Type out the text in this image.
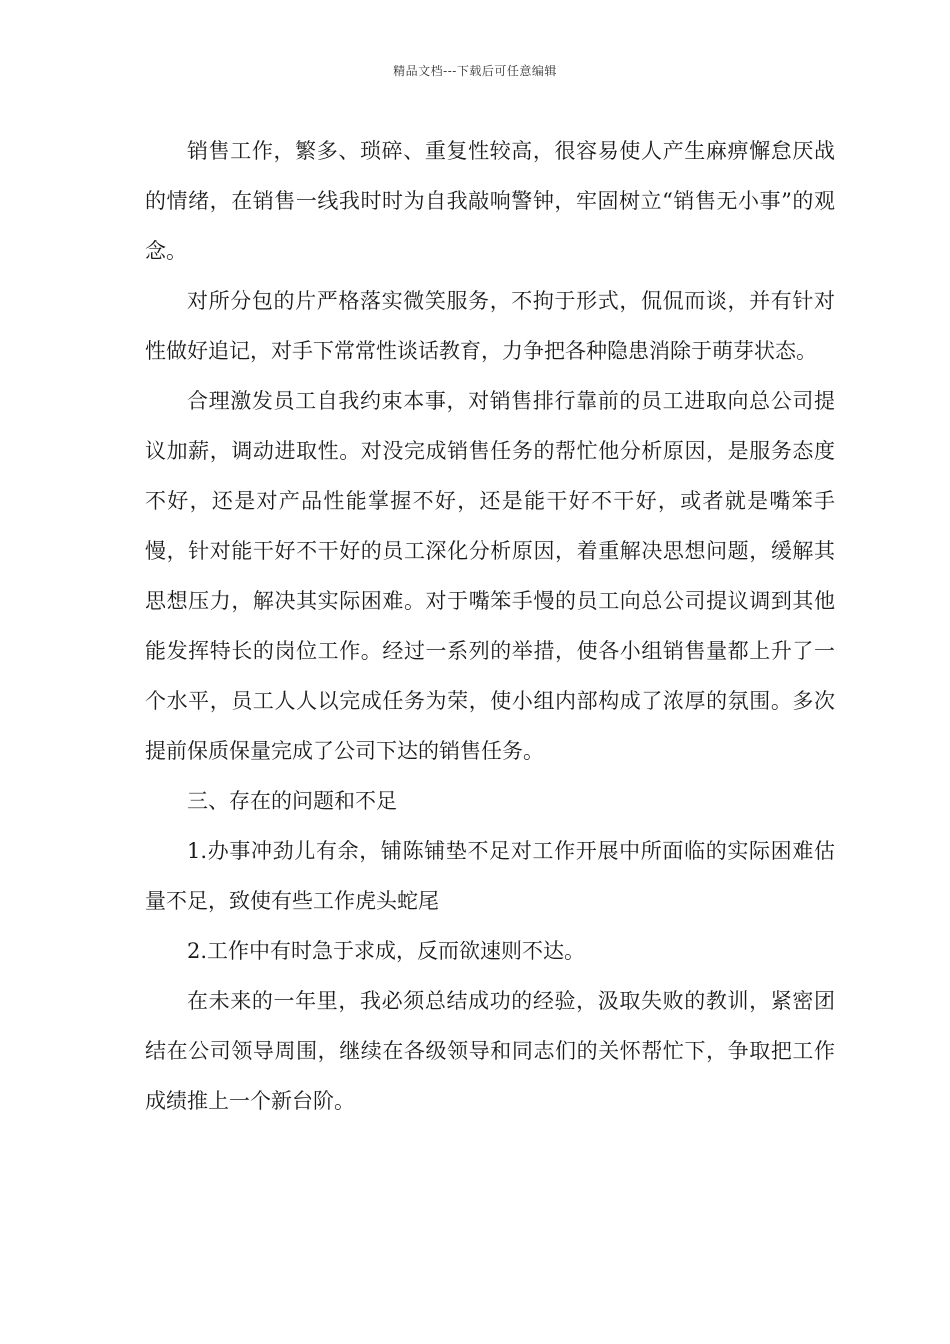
精品文档---下载后可任意编辑

销售工作，繁多、琐碎、重复性较高，很容易使人产生麻痹懈怠厌战的情绪，在销售一线我时时为自我敲响警钟，牢固树立“销售无小事”的观念。

对所分包的片严格落实微笑服务，不拘于形式，侃侃而谈，并有针对性做好追记，对手下常常性谈话教育，力争把各种隐患消除于萌芽状态。

合理激发员工自我约束本事，对销售排行靠前的员工进取向总公司提议加薪，调动进取性。对没完成销售任务的帮忙他分析原因，是服务态度不好，还是对产品性能掌握不好，还是能干好不干好，或者就是嘴笨手慢，针对能干好不干好的员工深化分析原因，着重解决思想问题，缓解其思想压力，解决其实际困难。对于嘴笨手慢的员工向总公司提议调到其他能发挥特长的岗位工作。经过一系列的举措，使各小组销售量都上升了一个水平，员工人人以完成任务为荣，使小组内部构成了浓厚的氛围。多次提前保质保量完成了公司下达的销售任务。

三、存在的问题和不足

1.办事冲劲儿有余，铺陈铺垫不足对工作开展中所面临的实际困难估量不足，致使有些工作虎头蛇尾

2.工作中有时急于求成，反而欲速则不达。

在未来的一年里，我必须总结成功的经验，汲取失败的教训，紧密团结在公司领导周围，继续在各级领导和同志们的关怀帮忙下，争取把工作成绩推上一个新台阶。
